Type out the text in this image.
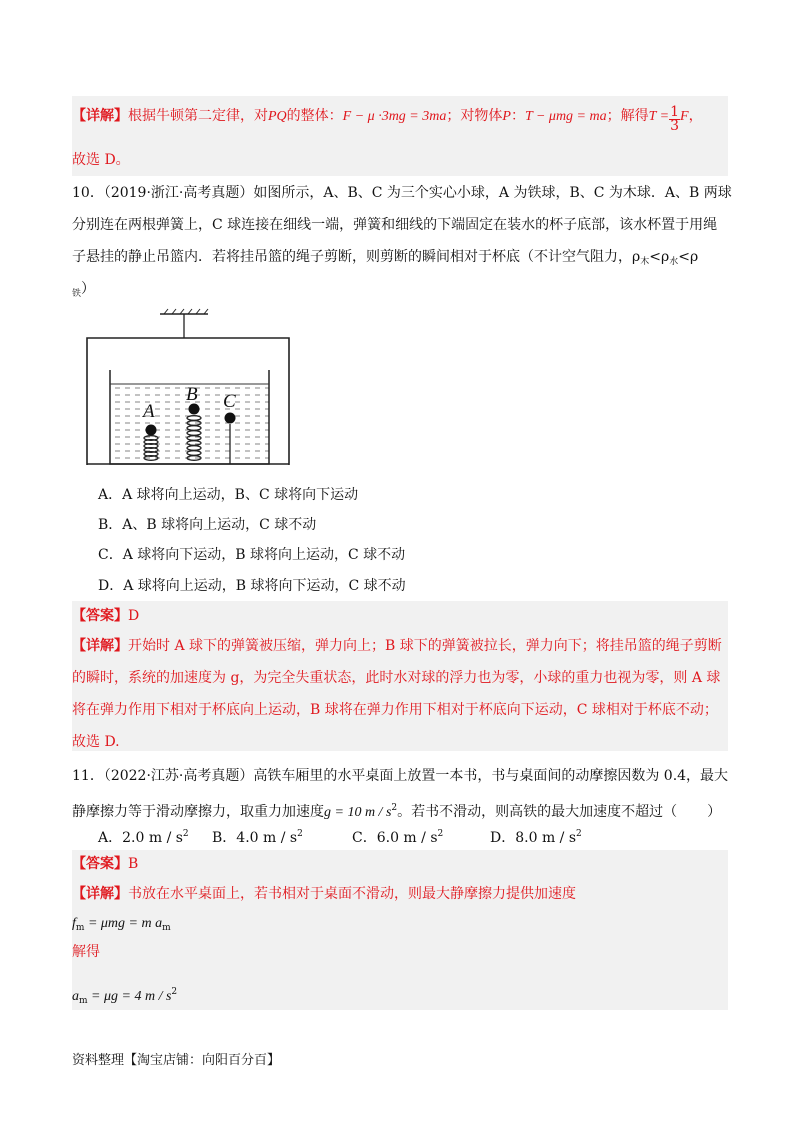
【详解】根据牛顿第二定律，对PQ的整体：F − μ ·3mg = 3ma；对物体P：T − μmg = ma；解得$T = \frac{1}{3}$ F，
故选 D。
10．（2019·浙江·高考真题）如图所示，A、B、C 为三个实心小球，A 为铁球，B、C 为木球．A、B 两球
分别连在两根弹簧上，C 球连接在细线一端，弹簧和细线的下端固定在装水的杯子底部，该水杯置于用绳
子悬挂的静止吊篮内．若将挂吊篮的绳子剪断，则剪断的瞬间相对于杯底（不计空气阻力，$\rho_木<\rho_水<\rho$
$_铁$）
A
B C
A．A 球将向上运动，B、C 球将向下运动
B．A、B 球将向上运动，C 球不动
C．A 球将向下运动，B 球将向上运动，C 球不动
D．A 球将向上运动，B 球将向下运动，C 球不动
【答案】D
【详解】开始时 A 球下的弹簧被压缩，弹力向上；B 球下的弹簧被拉长，弹力向下；将挂吊篮的绳子剪断
的瞬时，系统的加速度为 g，为完全失重状态，此时水对球的浮力也为零，小球的重力也视为零，则 A 球
将在弹力作用下相对于杯底向上运动，B 球将在弹力作用下相对于杯底向下运动，C 球相对于杯底不动；
故选 D.
11．（2022·江苏·高考真题）高铁车厢里的水平桌面上放置一本书，书与桌面间的动摩擦因数为 0.4，最大
静摩擦力等于滑动摩擦力，取重力加速度g = 10 m / $s^2$。若书不滑动，则高铁的最大加速度不超过（ ）
A．2.0 m / $s^2$ B．4.0 m / $s^2$	C．6.0 m / $s^2$	D．8.0 m / $s^2$
【答案】B
【详解】书放在水平桌面上，若书相对于桌面不滑动，则最大静摩擦力提供加速度
$f_m = \mu mg = m$ $a_m$
解得
$a_m = \mu g = 4$ m / $s^2$
资料整理【淘宝店铺：向阳百分百】
